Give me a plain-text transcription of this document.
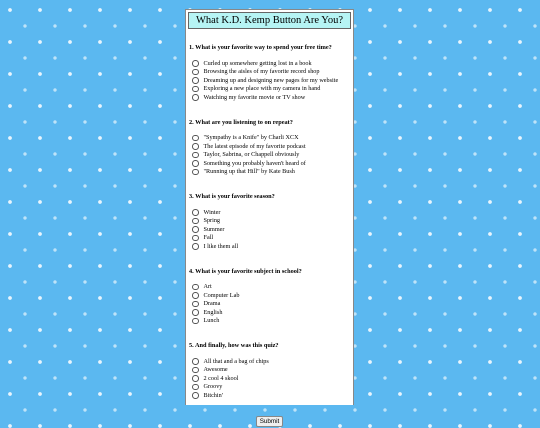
What K.D. Kemp Button Are You?
1. What is your favorite way to spend your free time?
Curled up somewhere getting lost in a book
Browsing the aisles of my favorite record shop
Dreaming up and designing new pages for my website
Exploring a new place with my camera in hand
Watching my favorite movie or TV show
2. What are you listening to on repeat?
"Sympathy is a Knife" by Charli XCX
The latest episode of my favorite podcast
Taylor, Sabrina, or Chappell obviously
Something you probably haven't heard of
"Running up that Hill" by Kate Bush
3. What is your favorite season?
Winter
Spring
Summer
Fall
I like them all
4. What is your favorite subject in school?
Art
Computer Lab
Drama
English
Lunch
5. And finally, how was this quiz?
All that and a bag of chips
Awesome
2 cool 4 skool
Groovy
Bitchin'
Submit
